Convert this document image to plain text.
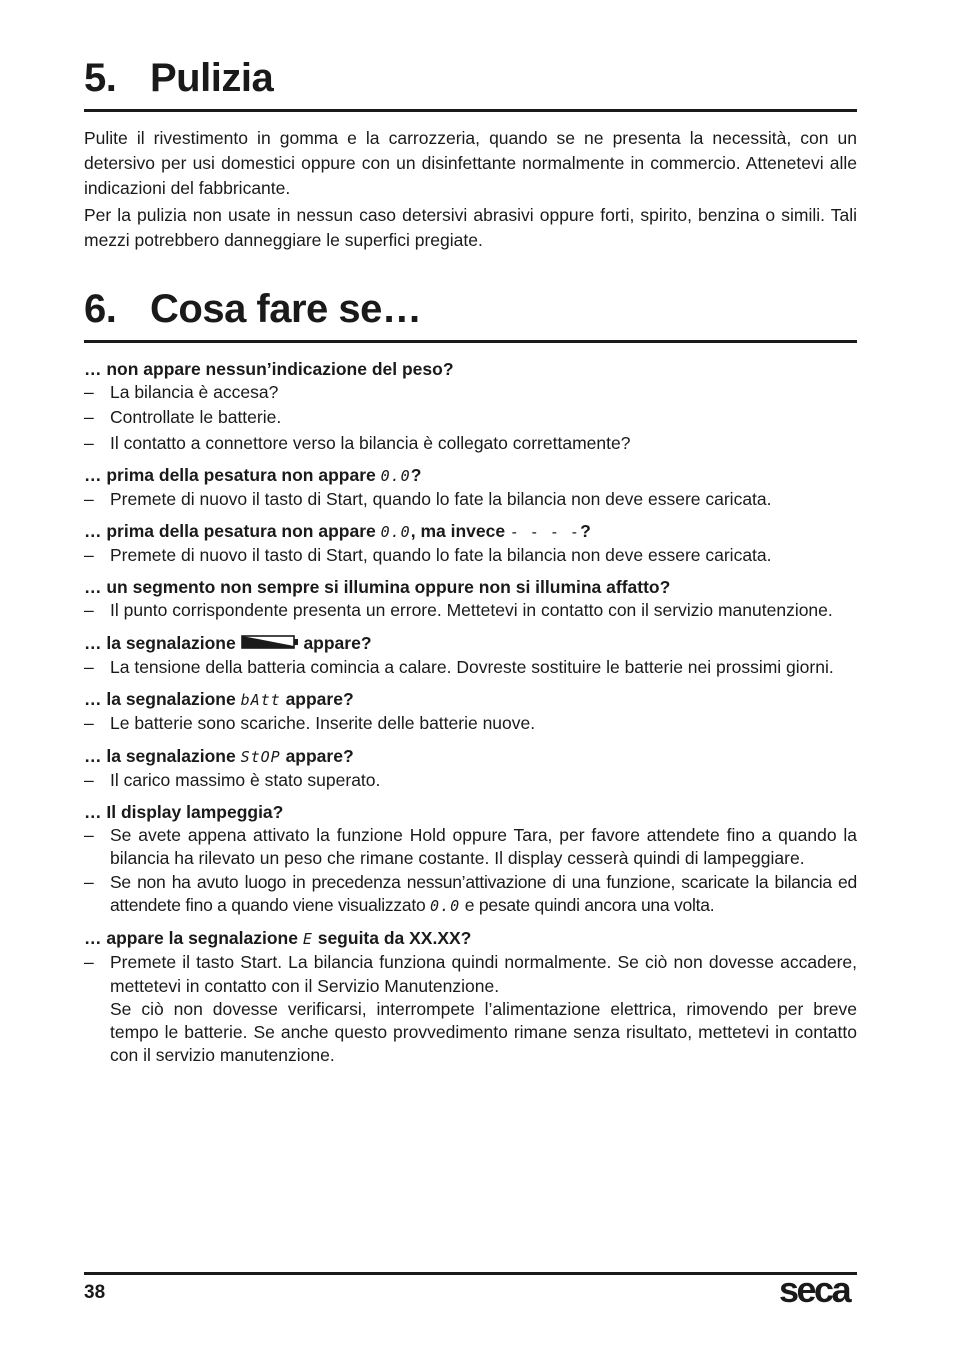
5. Pulizia

Pulite il rivestimento in gomma e la carrozzeria, quando se ne presenta la necessità, con un detersivo per usi domestici oppure con un disinfettante normalmente in commercio. Attenetevi alle indicazioni del fabbricante.

Per la pulizia non usate in nessun caso detersivi abrasivi oppure forti, spirito, benzina o simili. Tali mezzi potrebbero danneggiare le superfici pregiate.

6. Cosa fare se…

… non appare nessun’indicazione del peso?

– La bilancia è accesa?
– Controllate le batterie.
– Il contatto a connettore verso la bilancia è collegato correttamente?

… prima della pesatura non appare 0.0?

– Premete di nuovo il tasto di Start, quando lo fate la bilancia non deve essere caricata.

… prima della pesatura non appare 0.0, ma invece - - - -?

– Premete di nuovo il tasto di Start, quando lo fate la bilancia non deve essere caricata.

… un segmento non sempre si illumina oppure non si illumina affatto?

– Il punto corrispondente presenta un errore. Mettetevi in contatto con il servizio manutenzione.

… la segnalazione	appare?

– La tensione della batteria comincia a calare. Dovreste sostituire le batterie nei prossimi giorni.

… la segnalazione bAtt appare?

– Le batterie sono scariche. Inserite delle batterie nuove.

… la segnalazione StOP appare?

– Il carico massimo è stato superato.

… Il display lampeggia?

– Se avete appena attivato la funzione Hold oppure Tara, per favore attendete fino a quando la bilancia ha rilevato un peso che rimane costante. Il display cesserà quindi di lampeggiare.
– Se non ha avuto luogo in precedenza nessun’attivazione di una funzione, scaricate la bilancia ed attendete fino a quando viene visualizzato 0.0 e pesate quindi ancora una volta.

… appare la segnalazione E seguita da XX.XX?

– Premete il tasto Start. La bilancia funziona quindi normalmente. Se ciò non dovesse accadere, mettetevi in contatto con il Servizio Manutenzione.
Se ciò non dovesse verificarsi, interrompete l’alimentazione elettrica, rimovendo per breve tempo le batterie. Se anche questo provvedimento rimane senza risultato, mettetevi in contatto con il servizio manutenzione.
38	seca
